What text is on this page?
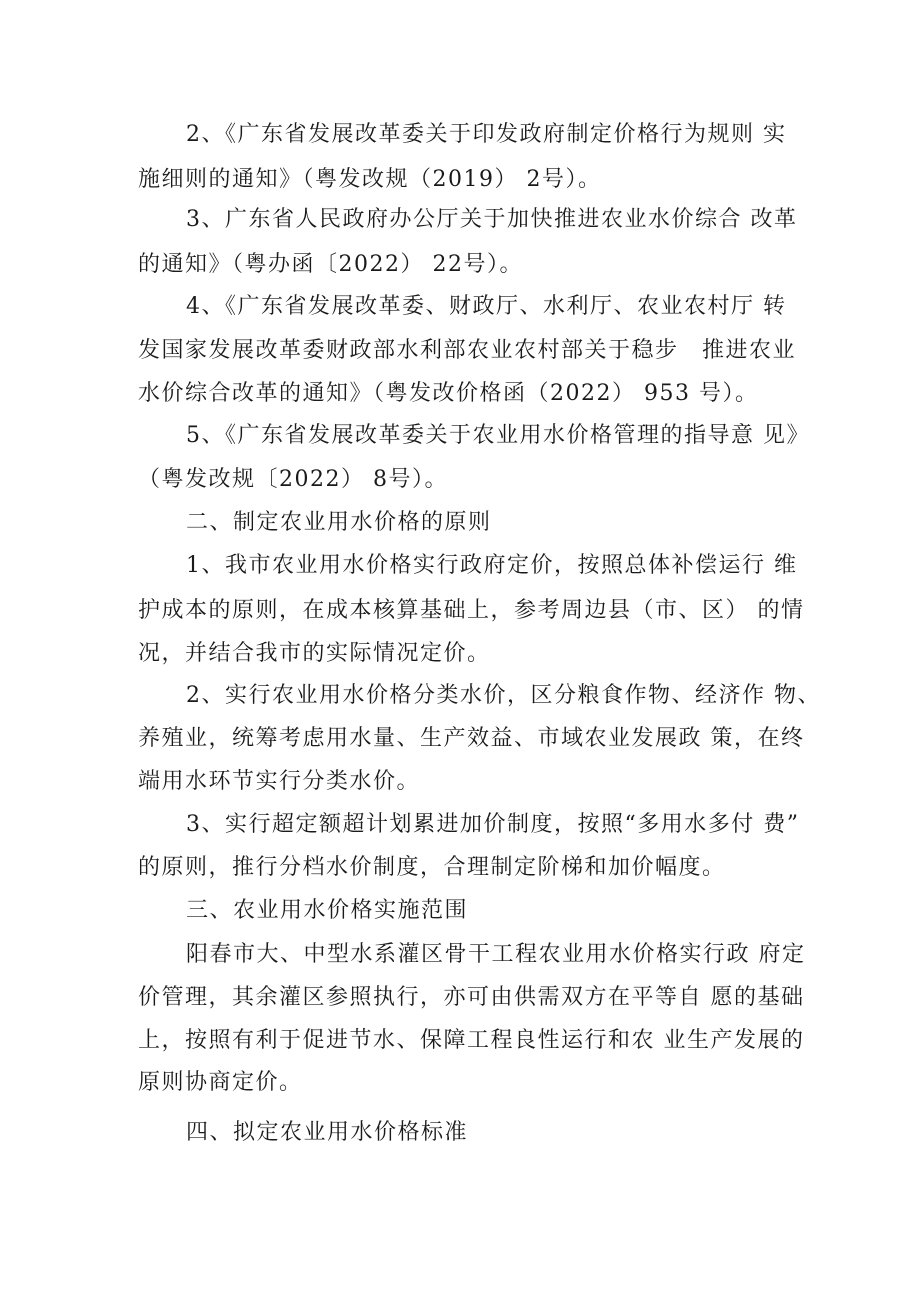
2、《广东省发展改革委关于印发政府制定价格行为规则 实
施细则的通知》（粤发改规（2019） 2号）。
3、广东省人民政府办公厅关于加快推进农业水价综合 改革
的通知》（粤办函〔2022） 22号）。
4、《广东省发展改革委、财政厅、水利厅、农业农村厅 转
发国家发展改革委财政部水利部农业农村部关于稳步　推进农业
水价综合改革的通知》（粤发改价格函（2022） 953 号）。
5、《广东省发展改革委关于农业用水价格管理的指导意 见》
（粤发改规〔2022） 8号）。
二、制定农业用水价格的原则
1、我市农业用水价格实行政府定价，按照总体补偿运行 维
护成本的原则，在成本核算基础上，参考周边县（市、区） 的情
况，并结合我市的实际情况定价。
2、实行农业用水价格分类水价，区分粮食作物、经济作 物、
养殖业，统筹考虑用水量、生产效益、市域农业发展政 策，在终
端用水环节实行分类水价。
3、实行超定额超计划累进加价制度，按照“多用水多付 费”
的原则，推行分档水价制度，合理制定阶梯和加价幅度。
三、农业用水价格实施范围
阳春市大、中型水系灌区骨干工程农业用水价格实行政 府定
价管理，其余灌区参照执行，亦可由供需双方在平等自 愿的基础
上，按照有利于促进节水、保障工程良性运行和农 业生产发展的
原则协商定价。
四、拟定农业用水价格标准
